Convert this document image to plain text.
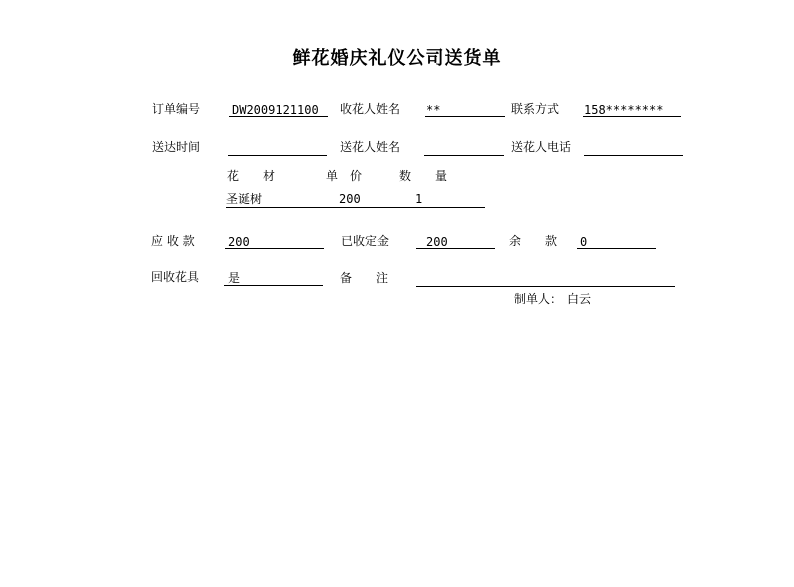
鲜花婚庆礼仪公司送货单
订单编号	DW2009121100 收花人姓名 **	联系方式 158********
送达时间	送花人姓名	送花人电话
花　　材	单　价	数　　量
圣诞树	200	1
应 收 款	200	已收定金	200	余　　款 0
回收花具 是	备　　注
制单人： 白云
